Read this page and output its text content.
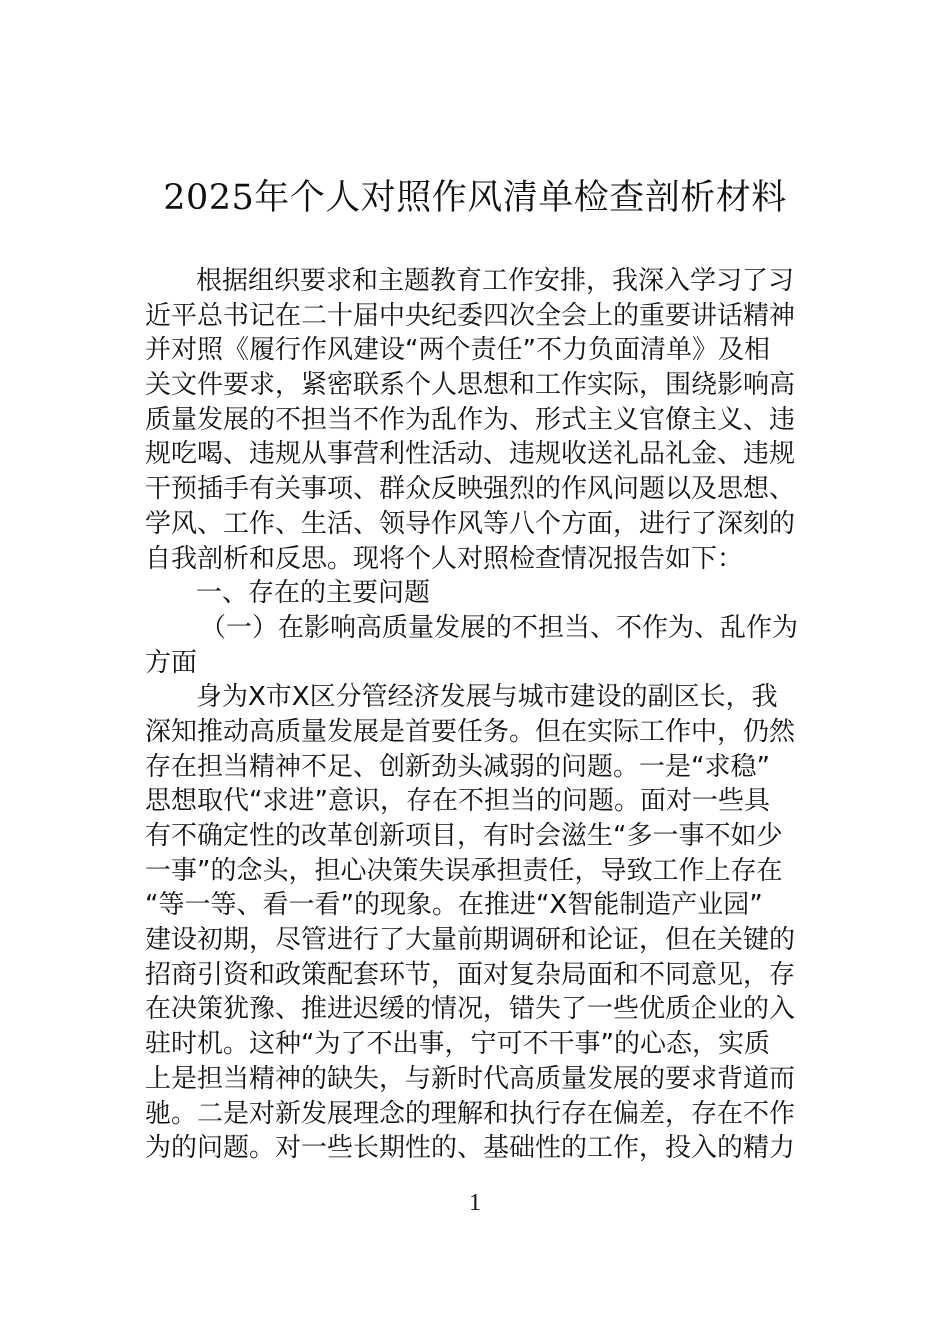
2025年个人对照作风清单检查剖析材料
根据组织要求和主题教育工作安排，我深入学习了习
近平总书记在二十届中央纪委四次全会上的重要讲话精神
并对照《履行作风建设“两个责任”不力负面清单》及相
关文件要求，紧密联系个人思想和工作实际，围绕影响高
质量发展的不担当不作为乱作为、形式主义官僚主义、违
规吃喝、违规从事营利性活动、违规收送礼品礼金、违规
干预插手有关事项、群众反映强烈的作风问题以及思想、
学风、工作、生活、领导作风等八个方面，进行了深刻的
自我剖析和反思。现将个人对照检查情况报告如下：
一、存在的主要问题
（一）在影响高质量发展的不担当、不作为、乱作为
方面
身为X市X区分管经济发展与城市建设的副区长，我
深知推动高质量发展是首要任务。但在实际工作中，仍然
存在担当精神不足、创新劲头减弱的问题。一是“求稳”
思想取代“求进”意识，存在不担当的问题。面对一些具
有不确定性的改革创新项目，有时会滋生“多一事不如少
一事”的念头，担心决策失误承担责任，导致工作上存在
“等一等、看一看”的现象。在推进“X智能制造产业园”
建设初期，尽管进行了大量前期调研和论证，但在关键的
招商引资和政策配套环节，面对复杂局面和不同意见，存
在决策犹豫、推进迟缓的情况，错失了一些优质企业的入
驻时机。这种“为了不出事，宁可不干事”的心态，实质
上是担当精神的缺失，与新时代高质量发展的要求背道而
驰。二是对新发展理念的理解和执行存在偏差，存在不作
为的问题。对一些长期性的、基础性的工作，投入的精力
1
